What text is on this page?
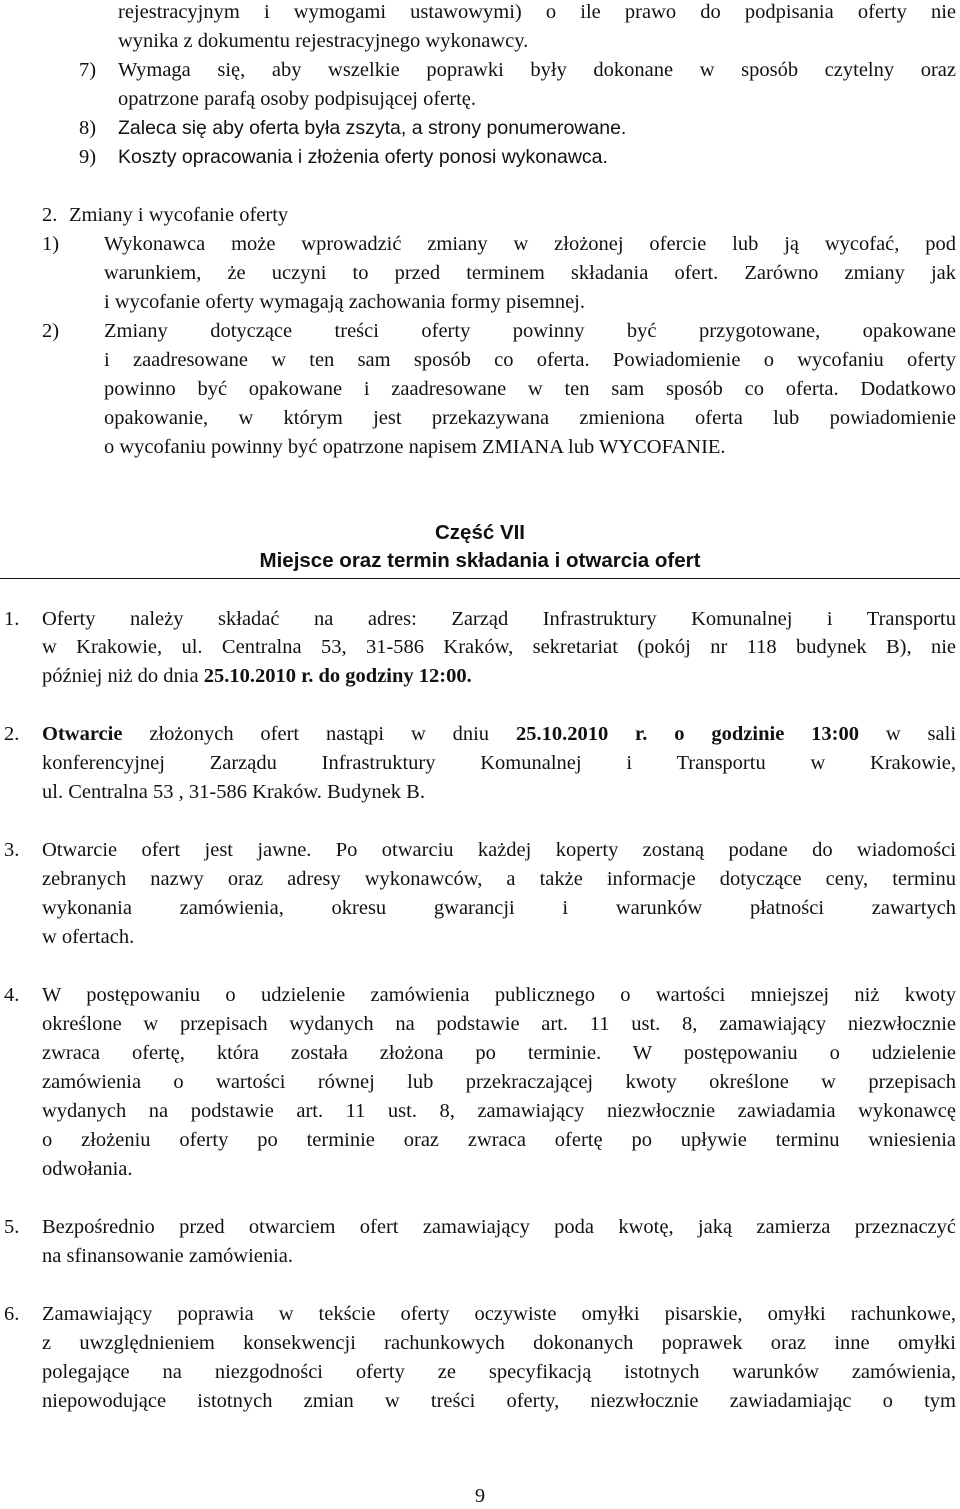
rejestracyjnym i wymogami ustawowymi) o ile prawo do podpisania oferty nie
wynika z dokumentu rejestracyjnego wykonawcy.
7) Wymaga się, aby wszelkie poprawki były dokonane w sposób czytelny oraz
opatrzone parafą osoby podpisującej ofertę.
8) Zaleca się aby oferta była zszyta, a strony ponumerowane.
9) Koszty opracowania i złożenia oferty ponosi wykonawca.
2. Zmiany i wycofanie oferty
1) Wykonawca może wprowadzić zmiany w złożonej ofercie lub ją wycofać, pod
warunkiem, że uczyni to przed terminem składania ofert. Zarówno zmiany jak
i wycofanie oferty wymagają zachowania formy pisemnej.
2) Zmiany dotyczące treści oferty powinny być przygotowane, opakowane
i zaadresowane w ten sam sposób co oferta. Powiadomienie o wycofaniu oferty
powinno być opakowane i zaadresowane w ten sam sposób co oferta. Dodatkowo
opakowanie, w którym jest przekazywana zmieniona oferta lub powiadomienie
o wycofaniu powinny być opatrzone napisem ZMIANA lub WYCOFANIE.
Część VII
Miejsce oraz termin składania i otwarcia ofert
1. Oferty należy składać na adres: Zarząd Infrastruktury Komunalnej i Transportu
w Krakowie, ul. Centralna 53, 31-586 Kraków, sekretariat (pokój nr 118 budynek B), nie
później niż do dnia 25.10.2010 r. do godziny 12:00.
2. Otwarcie złożonych ofert nastąpi w dniu 25.10.2010 r. o godzinie 13:00 w sali
konferencyjnej Zarządu Infrastruktury Komunalnej i Transportu w Krakowie,
ul. Centralna 53 , 31-586 Kraków. Budynek B.
3. Otwarcie ofert jest jawne. Po otwarciu każdej koperty zostaną podane do wiadomości
zebranych nazwy oraz adresy wykonawców, a także informacje dotyczące ceny, terminu
wykonania zamówienia, okresu gwarancji i warunków płatności zawartych
w ofertach.
4. W postępowaniu o udzielenie zamówienia publicznego o wartości mniejszej niż kwoty
określone w przepisach wydanych na podstawie art. 11 ust. 8, zamawiający niezwłocznie
zwraca ofertę, która została złożona po terminie. W postępowaniu o udzielenie
zamówienia o wartości równej lub przekraczającej kwoty określone w przepisach
wydanych na podstawie art. 11 ust. 8, zamawiający niezwłocznie zawiadamia wykonawcę
o złożeniu oferty po terminie oraz zwraca ofertę po upływie terminu wniesienia
odwołania.
5. Bezpośrednio przed otwarciem ofert zamawiający poda kwotę, jaką zamierza przeznaczyć
na sfinansowanie zamówienia.
6. Zamawiający poprawia w tekście oferty oczywiste omyłki pisarskie, omyłki rachunkowe,
z uwzględnieniem konsekwencji rachunkowych dokonanych poprawek oraz inne omyłki
polegające na niezgodności oferty ze specyfikacją istotnych warunków zamówienia,
niepowodujące istotnych zmian w treści oferty, niezwłocznie zawiadamiając o tym
9
